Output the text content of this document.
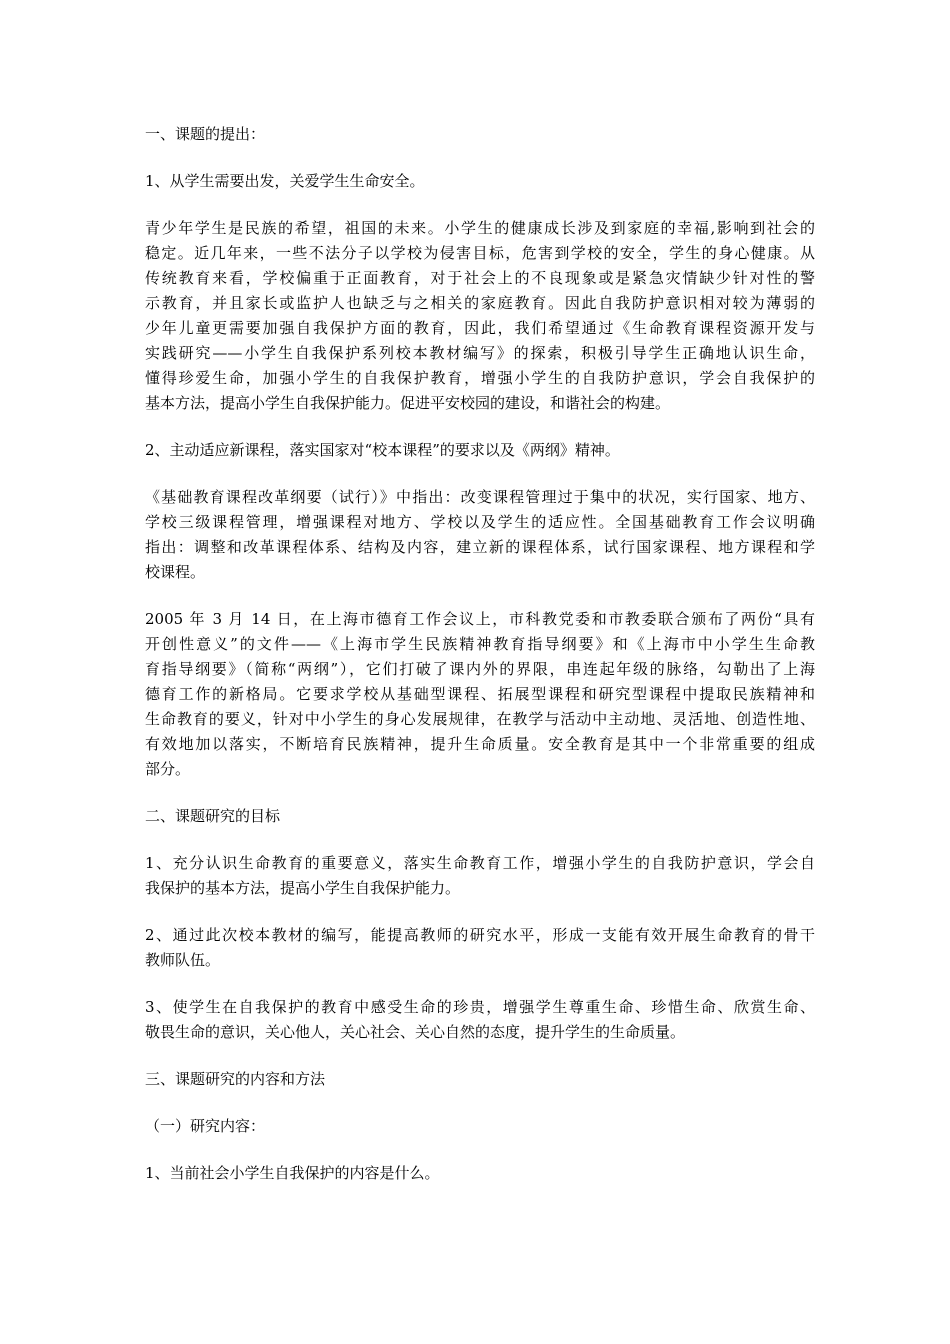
一、课题的提出：
1、从学生需要出发，关爱学生生命安全。
青少年学生是民族的希望，祖国的未来。小学生的健康成长涉及到家庭的幸福,影响到社会的
稳定。近几年来，一些不法分子以学校为侵害目标，危害到学校的安全，学生的身心健康。从
传统教育来看，学校偏重于正面教育，对于社会上的不良现象或是紧急灾情缺少针对性的警
示教育，并且家长或监护人也缺乏与之相关的家庭教育。因此自我防护意识相对较为薄弱的
少年儿童更需要加强自我保护方面的教育，因此，我们希望通过《生命教育课程资源开发与
实践研究——小学生自我保护系列校本教材编写》的探索，积极引导学生正确地认识生命，
懂得珍爱生命，加强小学生的自我保护教育，增强小学生的自我防护意识，学会自我保护的
基本方法，提高小学生自我保护能力。促进平安校园的建设，和谐社会的构建。
2、主动适应新课程，落实国家对“校本课程”的要求以及《两纲》精神。
《基础教育课程改革纲要（试行）》中指出：改变课程管理过于集中的状况，实行国家、地方、
学校三级课程管理，增强课程对地方、学校以及学生的适应性。全国基础教育工作会议明确
指出：调整和改革课程体系、结构及内容，建立新的课程体系，试行国家课程、地方课程和学
校课程。
2005 年 3 月 14 日，在上海市德育工作会议上，市科教党委和市教委联合颁布了两份“具有
开创性意义”的文件——《上海市学生民族精神教育指导纲要》和《上海市中小学生生命教
育指导纲要》（简称“两纲”），它们打破了课内外的界限，串连起年级的脉络，勾勒出了上海
德育工作的新格局。它要求学校从基础型课程、拓展型课程和研究型课程中提取民族精神和
生命教育的要义，针对中小学生的身心发展规律，在教学与活动中主动地、灵活地、创造性地、
有效地加以落实，不断培育民族精神，提升生命质量。安全教育是其中一个非常重要的组成
部分。
二、课题研究的目标
1、充分认识生命教育的重要意义，落实生命教育工作，增强小学生的自我防护意识，学会自
我保护的基本方法，提高小学生自我保护能力。
2、通过此次校本教材的编写，能提高教师的研究水平，形成一支能有效开展生命教育的骨干
教师队伍。
3、使学生在自我保护的教育中感受生命的珍贵，增强学生尊重生命、珍惜生命、欣赏生命、
敬畏生命的意识，关心他人，关心社会、关心自然的态度，提升学生的生命质量。
三、课题研究的内容和方法
（一）研究内容：
1、当前社会小学生自我保护的内容是什么。
